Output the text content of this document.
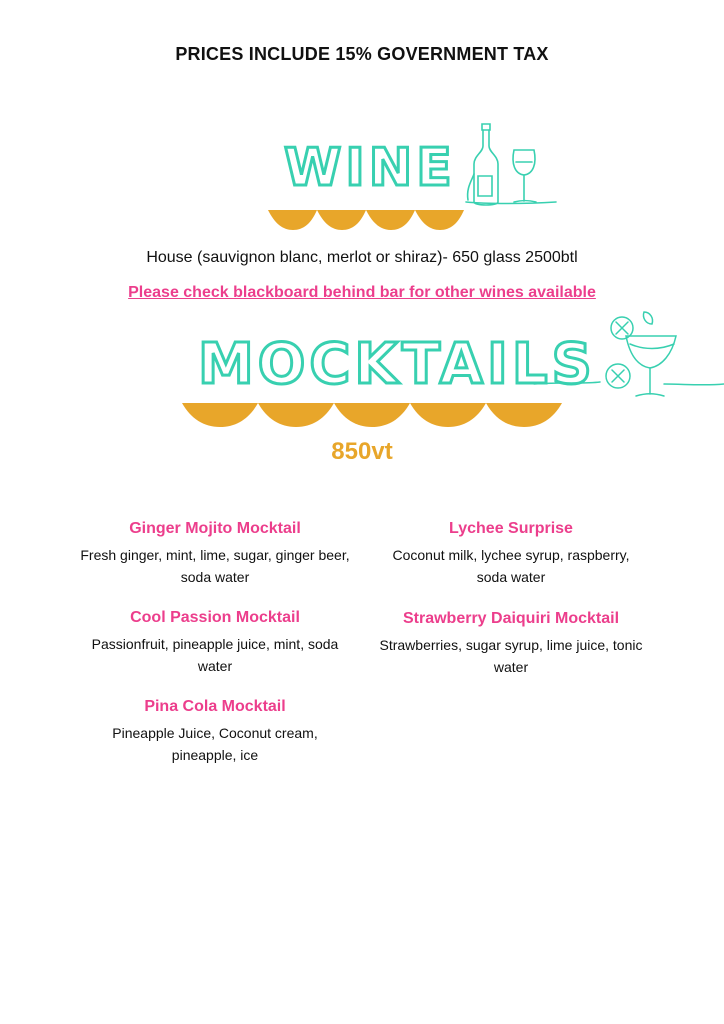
PRICES INCLUDE 15% GOVERNMENT TAX
WINE
House (sauvignon blanc, merlot or shiraz)- 650 glass 2500btl
Please check blackboard behind bar for other wines available
MOCKTAILS
850vt
Ginger Mojito Mocktail
Fresh ginger, mint, lime, sugar, ginger beer, soda water
Cool Passion Mocktail
Passionfruit, pineapple juice, mint, soda water
Pina Cola Mocktail
Pineapple Juice, Coconut cream, pineapple, ice
Lychee Surprise
Coconut milk, lychee syrup, raspberry, soda water
Strawberry Daiquiri Mocktail
Strawberries, sugar syrup, lime juice, tonic water
